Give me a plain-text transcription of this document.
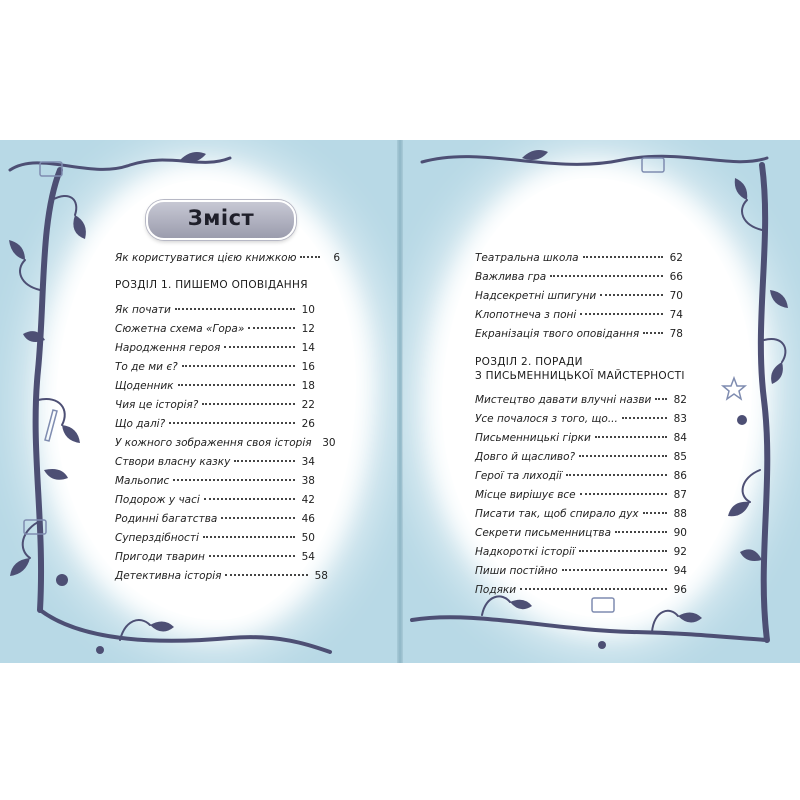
Зміст
Як користуватися цією книжкою	6
РОЗДІЛ 1. ПИШЕМО ОПОВІДАННЯ
Як почати	10
Сюжетна схема «Гора»	12
Народження героя	14
То де ми є?	16
Щоденник	18
Чия це історія?	22
Що далі?	26
У кожного зображення своя історія 30
Створи власну казку	34
Мальопис	38
Подорож у часі	42
Родинні багатства	46
Суперздібності	50
Пригоди тварин	54
Детективна історія	58
Театральна школа	62
Важлива гра	66
Надсекретні шпигуни	70
Клопотнеча з поні	74
Екранізація твого оповідання	78
РОЗДІЛ 2. ПОРАДИ
З ПИСЬМЕННИЦЬКОЇ МАЙСТЕРНОСТІ
Мистецтво давати влучні назви 82
Усе почалося з того, що...	83
Письменницькі гірки	84
Довго й щасливо?	85
Герої та лиходії	86
Місце вирішує все	87
Писати так, щоб спирало дух	88
Секрети письменництва	90
Надкороткі історії	92
Пиши постійно	94
Подяки	96
